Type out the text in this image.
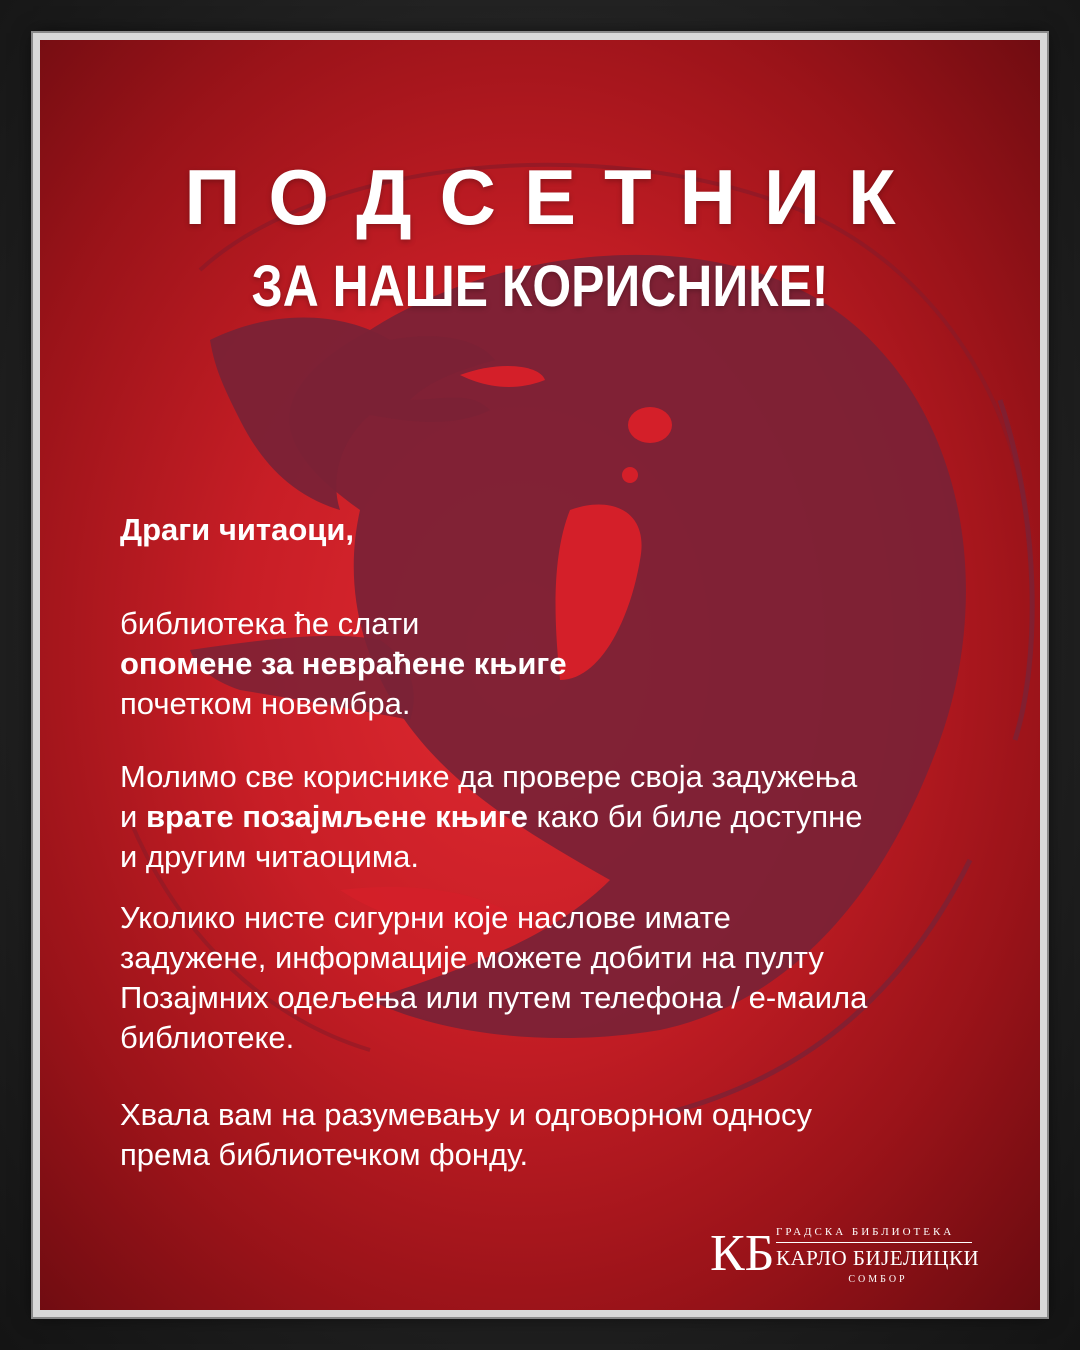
ПОДСЕТНИК
ЗА НАШЕ КОРИСНИКЕ!
Драги читаоци,
библиотека ће слати
опомене за невраћене књиге
почетком новембра.
Молимо све кориснике да провере своја задужења
и врате позајмљене књиге како би биле доступне
и другим читаоцима.
Уколико нисте сигурни које наслове имате
задужене, информације можете добити на пулту
Позајмних одељења или путем телефона / е-маила
библиотеке.
Хвала вам на разумевању и одговорном односу
према библиотечком фонду.
КБ ГРАДСКА БИБЛИОТЕКА
КАРЛО БИЈЕЛИЦКИ
СОМБОР
